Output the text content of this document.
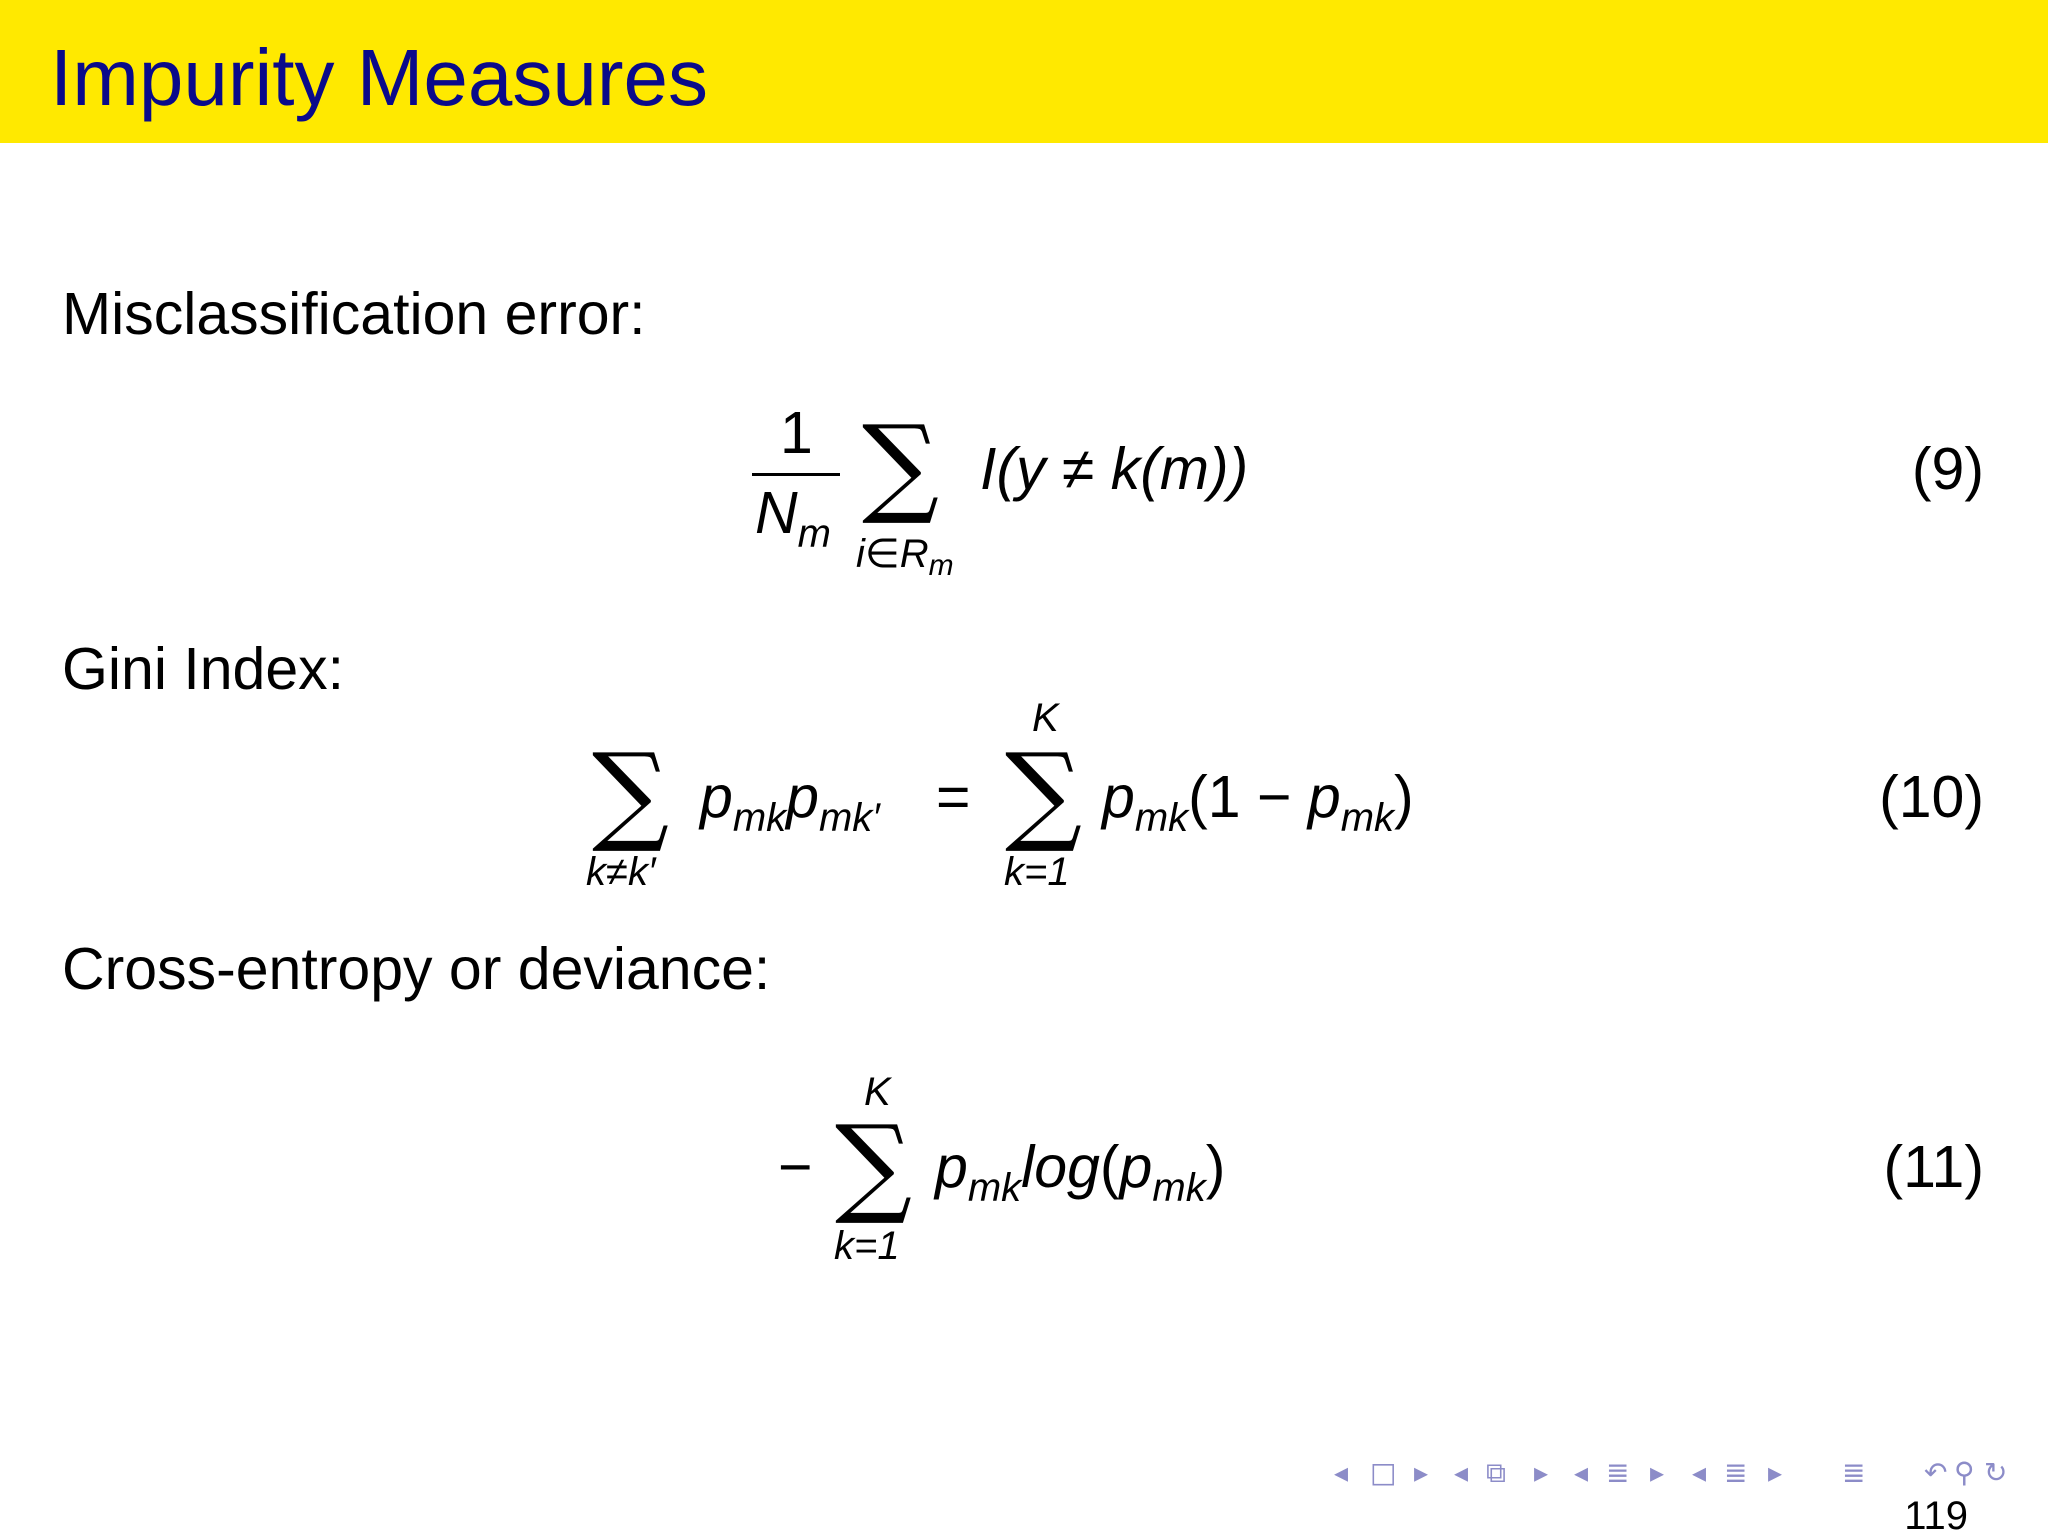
Impurity Measures
Misclassification error:
1
$N_m$
∑
$i\in R_m$
I(y ≠ k(m))	(9)
Gini Index:
∑
k≠k′
$p_{mk}p_{mk'}$ =
K
∑
k=1
$p_{mk}(1 - p_{mk})$	(10)
Cross-entropy or deviance:
−
K
∑
k=1
$p_{mk}\log(p_{mk})$	(11)
◂ □ ▸ ◂ ⧉ ▸ ◂ ≣ ▸ ◂ ≣ ▸ ≣ ↶ ⚲ ↻
119
